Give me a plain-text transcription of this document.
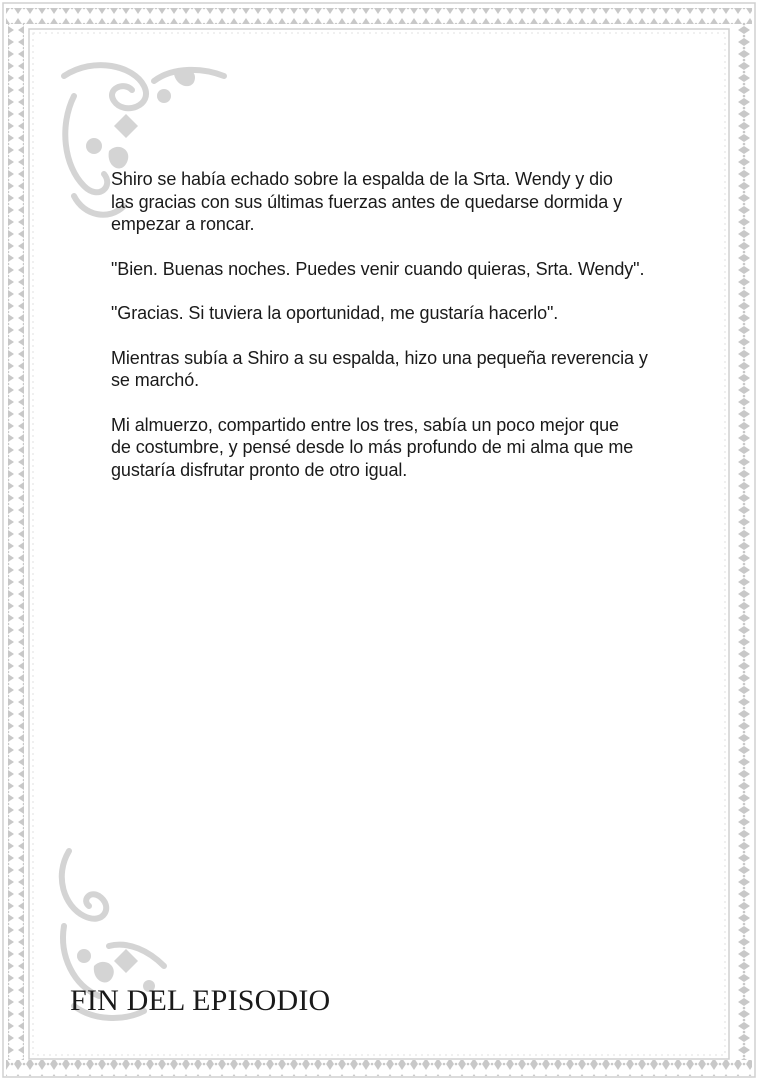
Shiro se había echado sobre la espalda de la Srta. Wendy y dio
las gracias con sus últimas fuerzas antes de quedarse dormida y
empezar a roncar.

"Bien. Buenas noches. Puedes venir cuando quieras, Srta. Wendy".

"Gracias. Si tuviera la oportunidad, me gustaría hacerlo".

Mientras subía a Shiro a su espalda, hizo una pequeña reverencia y
se marchó.

Mi almuerzo, compartido entre los tres, sabía un poco mejor que
de costumbre, y pensé desde lo más profundo de mi alma que me
gustaría disfrutar pronto de otro igual.

FIN DEL EPISODIO
